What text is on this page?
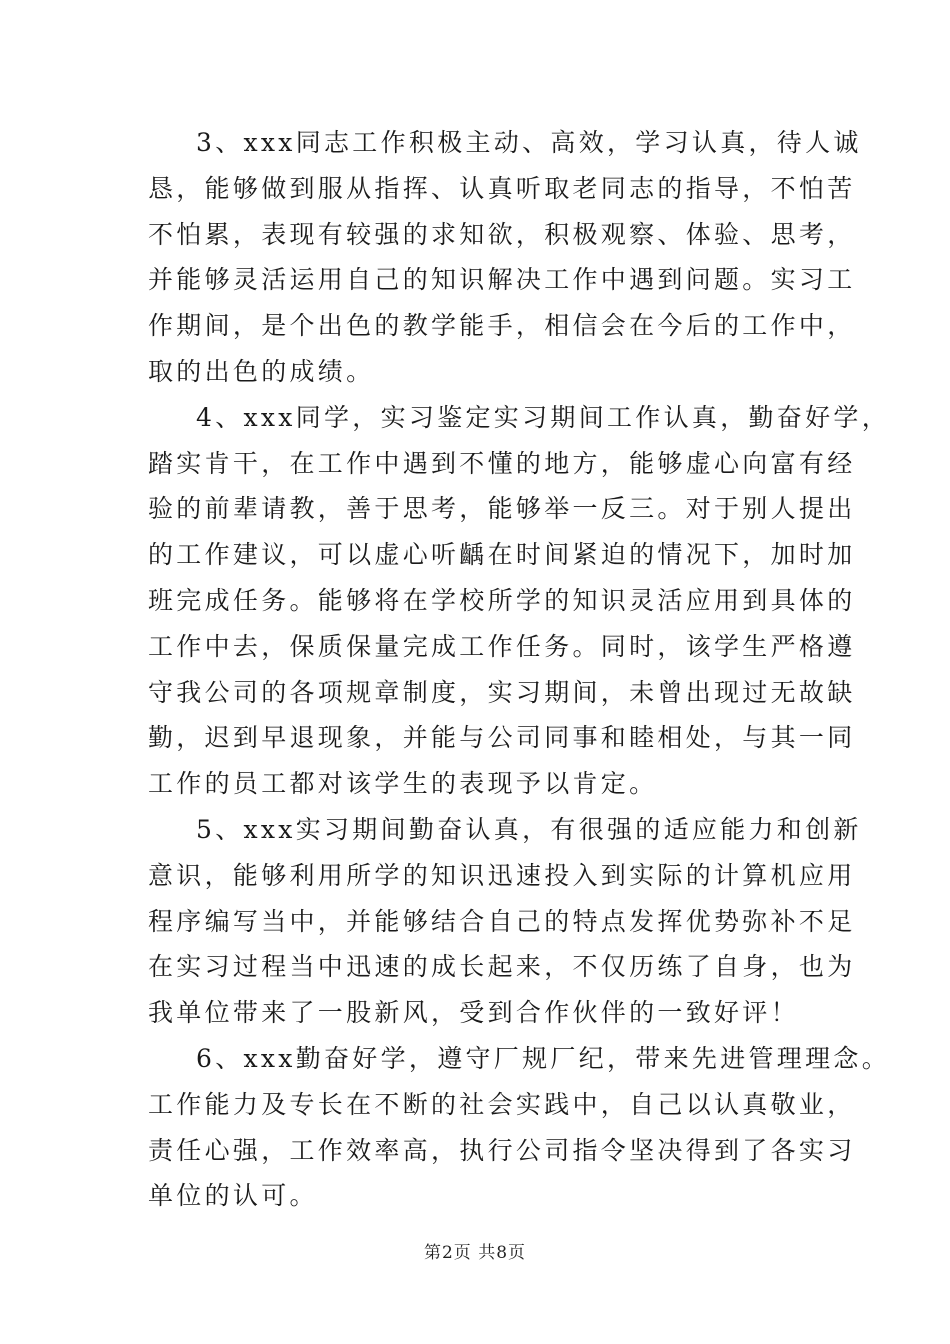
3、xxx同志工作积极主动、高效，学习认真，待人诚
恳，能够做到服从指挥、认真听取老同志的指导，不怕苦
不怕累，表现有较强的求知欲，积极观察、体验、思考，
并能够灵活运用自己的知识解决工作中遇到问题。实习工
作期间，是个出色的教学能手，相信会在今后的工作中，
取的出色的成绩。
4、xxx同学，实习鉴定实习期间工作认真，勤奋好学，
踏实肯干，在工作中遇到不懂的地方，能够虚心向富有经
验的前辈请教，善于思考，能够举一反三。对于别人提出
的工作建议，可以虚心听齲在时间紧迫的情况下，加时加
班完成任务。能够将在学校所学的知识灵活应用到具体的
工作中去，保质保量完成工作任务。同时，该学生严格遵
守我公司的各项规章制度，实习期间，未曾出现过无故缺
勤，迟到早退现象，并能与公司同事和睦相处，与其一同
工作的员工都对该学生的表现予以肯定。
5、xxx实习期间勤奋认真，有很强的适应能力和创新
意识，能够利用所学的知识迅速投入到实际的计算机应用
程序编写当中，并能够结合自己的特点发挥优势弥补不足
在实习过程当中迅速的成长起来，不仅历练了自身，也为
我单位带来了一股新风，受到合作伙伴的一致好评！
6、xxx勤奋好学，遵守厂规厂纪，带来先进管理理念。
工作能力及专长在不断的社会实践中，自己以认真敬业，
责任心强，工作效率高，执行公司指令坚决得到了各实习
单位的认可。
第2页 共8页
